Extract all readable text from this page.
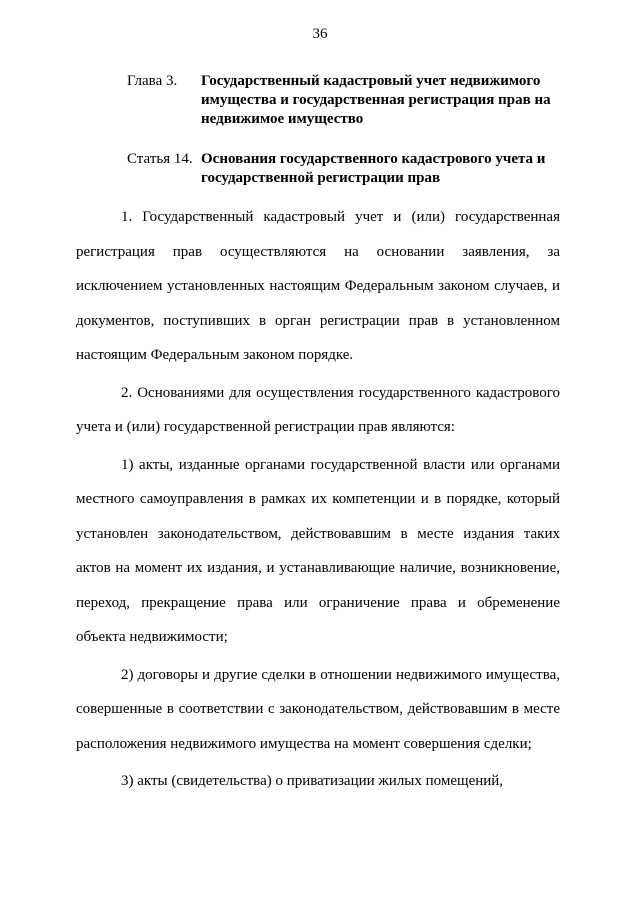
36
Глава 3. Государственный кадастровый учет недвижимого имущества и государственная регистрация прав на недвижимое имущество
Статья 14. Основания государственного кадастрового учета и государственной регистрации прав

1. Государственный кадастровый учет и (или) государственная регистрация прав осуществляются на основании заявления, за исключением установленных настоящим Федеральным законом случаев, и документов, поступивших в орган регистрации прав в установленном настоящим Федеральным законом порядке.

2. Основаниями для осуществления государственного кадастрового учета и (или) государственной регистрации прав являются:

1) акты, изданные органами государственной власти или органами местного самоуправления в рамках их компетенции и в порядке, который установлен законодательством, действовавшим в месте издания таких актов на момент их издания, и устанавливающие наличие, возникновение, переход, прекращение права или ограничение права и обременение объекта недвижимости;

2) договоры и другие сделки в отношении недвижимого имущества, совершенные в соответствии с законодательством, действовавшим в месте расположения недвижимого имущества на момент совершения сделки;

3) акты (свидетельства) о приватизации жилых помещений,
